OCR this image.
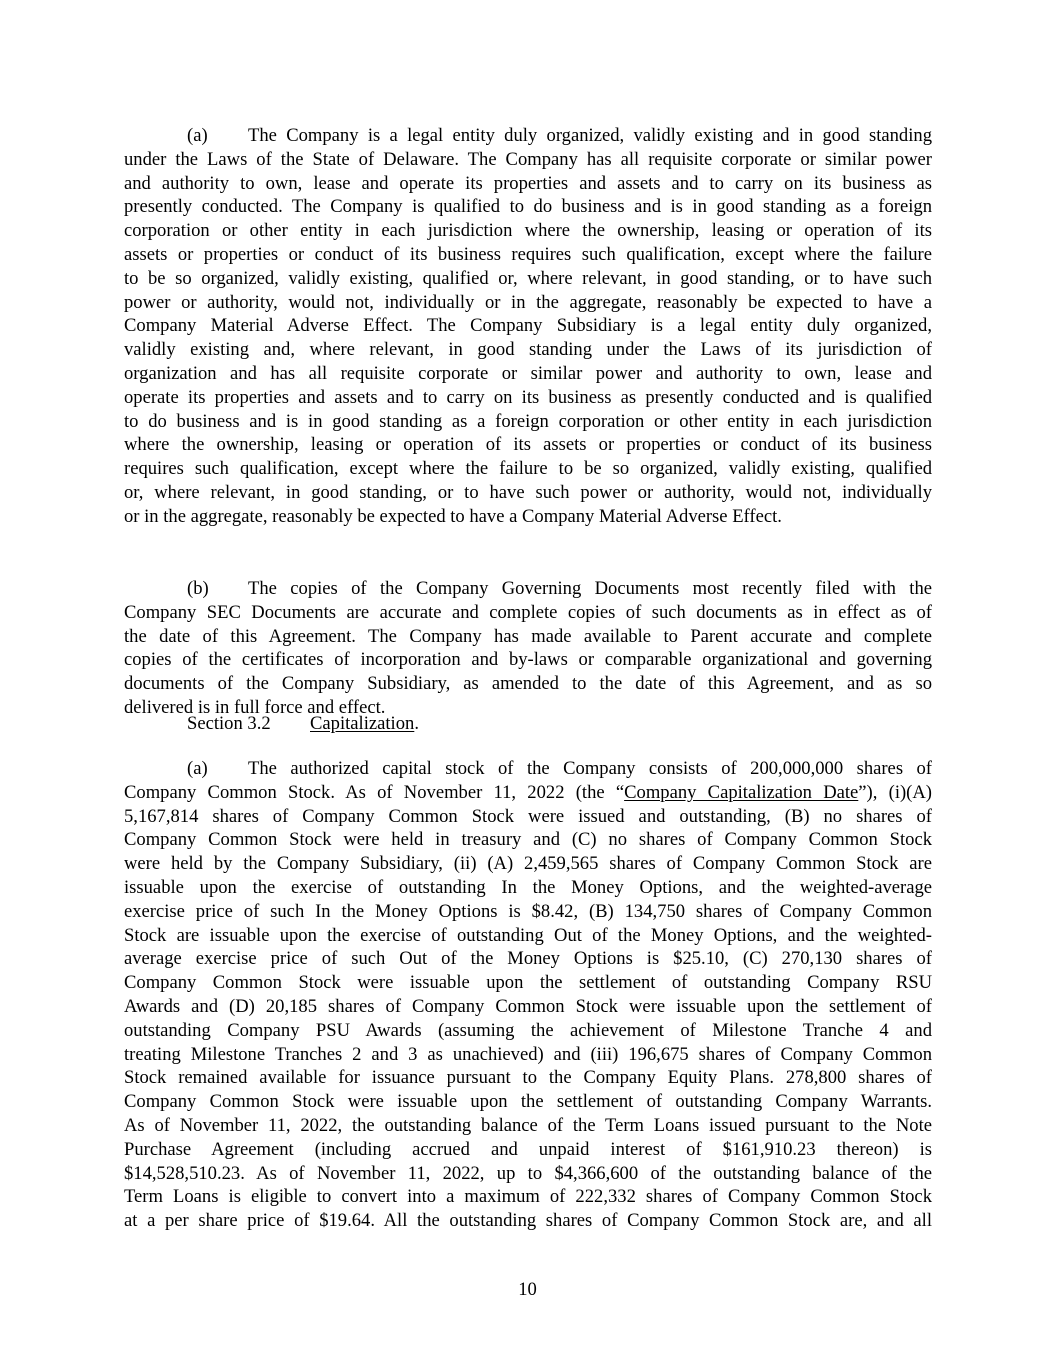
(a) The Company is a legal entity duly organized, validly existing and in good standing
under the Laws of the State of Delaware. The Company has all requisite corporate or similar power
and authority to own, lease and operate its properties and assets and to carry on its business as
presently conducted. The Company is qualified to do business and is in good standing as a foreign
corporation or other entity in each jurisdiction where the ownership, leasing or operation of its
assets or properties or conduct of its business requires such qualification, except where the failure
to be so organized, validly existing, qualified or, where relevant, in good standing, or to have such
power or authority, would not, individually or in the aggregate, reasonably be expected to have a
Company Material Adverse Effect. The Company Subsidiary is a legal entity duly organized,
validly existing and, where relevant, in good standing under the Laws of its jurisdiction of
organization and has all requisite corporate or similar power and authority to own, lease and
operate its properties and assets and to carry on its business as presently conducted and is qualified
to do business and is in good standing as a foreign corporation or other entity in each jurisdiction
where the ownership, leasing or operation of its assets or properties or conduct of its business
requires such qualification, except where the failure to be so organized, validly existing, qualified
or, where relevant, in good standing, or to have such power or authority, would not, individually
or in the aggregate, reasonably be expected to have a Company Material Adverse Effect.
(b) The copies of the Company Governing Documents most recently filed with the
Company SEC Documents are accurate and complete copies of such documents as in effect as of
the date of this Agreement. The Company has made available to Parent accurate and complete
copies of the certificates of incorporation and by-laws or comparable organizational and governing
documents of the Company Subsidiary, as amended to the date of this Agreement, and as so
delivered is in full force and effect.
Section 3.2 Capitalization.
(a) The authorized capital stock of the Company consists of 200,000,000 shares of
Company Common Stock. As of November 11, 2022 (the “Company Capitalization Date”), (i)(A)
5,167,814 shares of Company Common Stock were issued and outstanding, (B) no shares of
Company Common Stock were held in treasury and (C) no shares of Company Common Stock
were held by the Company Subsidiary, (ii) (A) 2,459,565 shares of Company Common Stock are
issuable upon the exercise of outstanding In the Money Options, and the weighted-average
exercise price of such In the Money Options is $8.42, (B) 134,750 shares of Company Common
Stock are issuable upon the exercise of outstanding Out of the Money Options, and the weighted-
average exercise price of such Out of the Money Options is $25.10, (C) 270,130 shares of
Company Common Stock were issuable upon the settlement of outstanding Company RSU
Awards and (D) 20,185 shares of Company Common Stock were issuable upon the settlement of
outstanding Company PSU Awards (assuming the achievement of Milestone Tranche 4 and
treating Milestone Tranches 2 and 3 as unachieved) and (iii) 196,675 shares of Company Common
Stock remained available for issuance pursuant to the Company Equity Plans. 278,800 shares of
Company Common Stock were issuable upon the settlement of outstanding Company Warrants.
As of November 11, 2022, the outstanding balance of the Term Loans issued pursuant to the Note
Purchase Agreement (including accrued and unpaid interest of $161,910.23 thereon) is
$14,528,510.23. As of November 11, 2022, up to $4,366,600 of the outstanding balance of the
Term Loans is eligible to convert into a maximum of 222,332 shares of Company Common Stock
at a per share price of $19.64. All the outstanding shares of Company Common Stock are, and all
10
